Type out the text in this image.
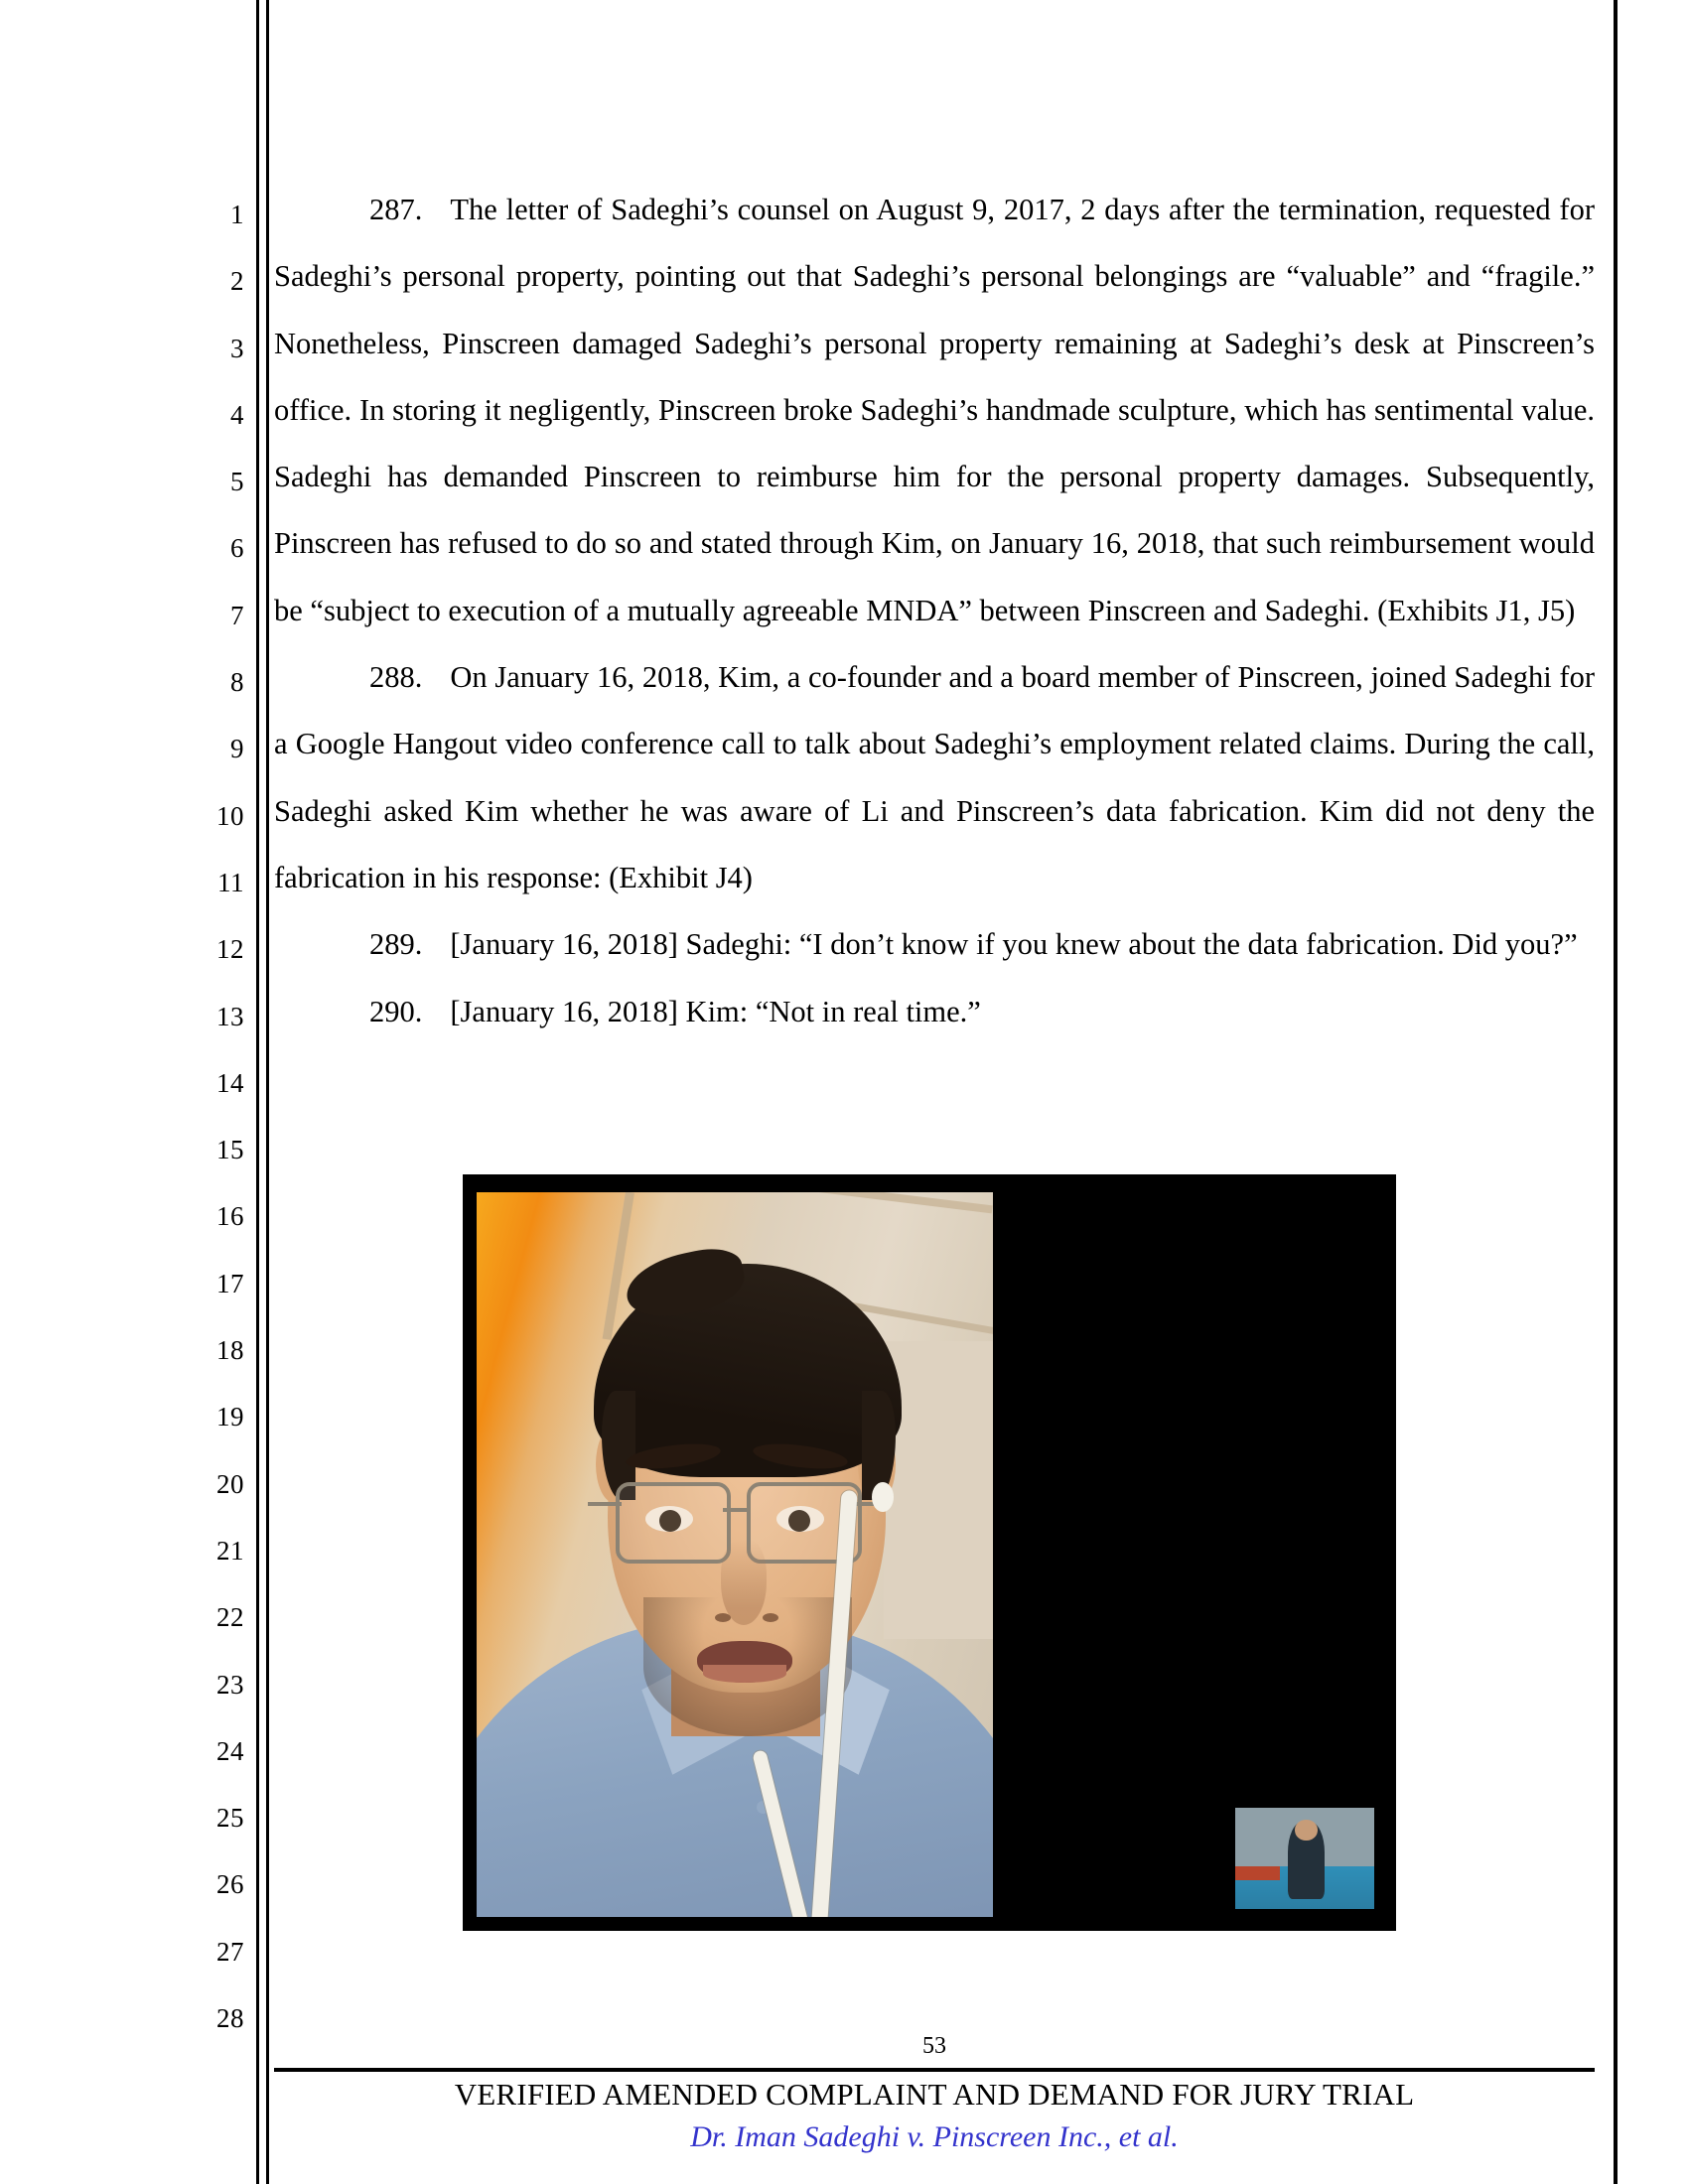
1
2
3
4
5
6
7
8
9
10
11
12
13
14
15
16
17
18
19
20
21
22
23
24
25
26
27
28

287. The letter of Sadeghi’s counsel on August 9, 2017, 2 days after the termination, requested for Sadeghi’s personal property, pointing out that Sadeghi’s personal belongings are “valuable” and “fragile.” Nonetheless, Pinscreen damaged Sadeghi’s personal property remaining at Sadeghi’s desk at Pinscreen’s office. In storing it negligently, Pinscreen broke Sadeghi’s handmade sculpture, which has sentimental value. Sadeghi has demanded Pinscreen to reimburse him for the personal property damages. Subsequently, Pinscreen has refused to do so and stated through Kim, on January 16, 2018, that such reimbursement would be “subject to execution of a mutually agreeable MNDA” between Pinscreen and Sadeghi. (Exhibits J1, J5)

288. On January 16, 2018, Kim, a co-founder and a board member of Pinscreen, joined Sadeghi for a Google Hangout video conference call to talk about Sadeghi’s employment related claims. During the call, Sadeghi asked Kim whether he was aware of Li and Pinscreen’s data fabrication. Kim did not deny the fabrication in his response: (Exhibit J4)

289. [January 16, 2018] Sadeghi: “I don’t know if you knew about the data fabrication. Did you?”

290. [January 16, 2018] Kim: “Not in real time.”

53
VERIFIED AMENDED COMPLAINT AND DEMAND FOR JURY TRIAL
Dr. Iman Sadeghi v. Pinscreen Inc., et al.
